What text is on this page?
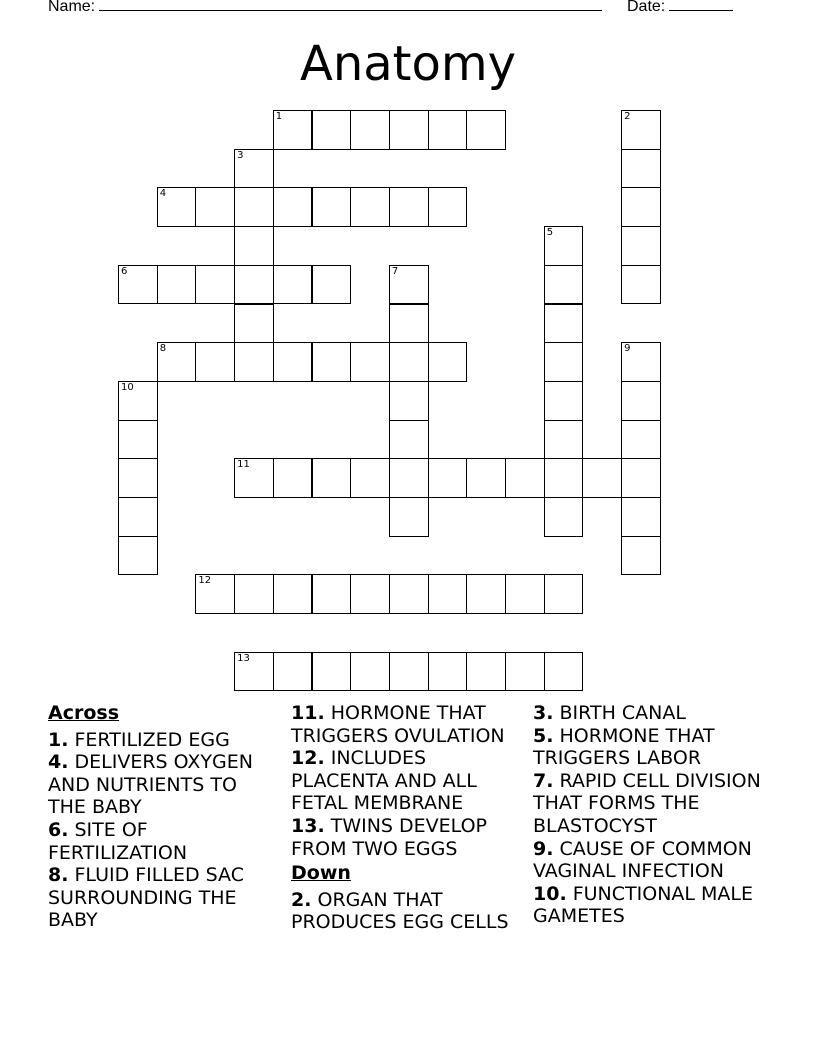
Name:	Date:
Anatomy
1	2
3
4
5
6	7
8	9
10
11
12
13
Across

1. FERTILIZED EGG

4. DELIVERS OXYGEN AND NUTRIENTS TO THE BABY

6. SITE OF FERTILIZATION

8. FLUID FILLED SAC SURROUNDING THE BABY

11. HORMONE THAT TRIGGERS OVULATION

12. INCLUDES PLACENTA AND ALL FETAL MEMBRANE

13. TWINS DEVELOP FROM TWO EGGS

Down

2. ORGAN THAT PRODUCES EGG CELLS

3. BIRTH CANAL

5. HORMONE THAT TRIGGERS LABOR

7. RAPID CELL DIVISION THAT FORMS THE BLASTOCYST

9. CAUSE OF COMMON VAGINAL INFECTION

10. FUNCTIONAL MALE GAMETES
